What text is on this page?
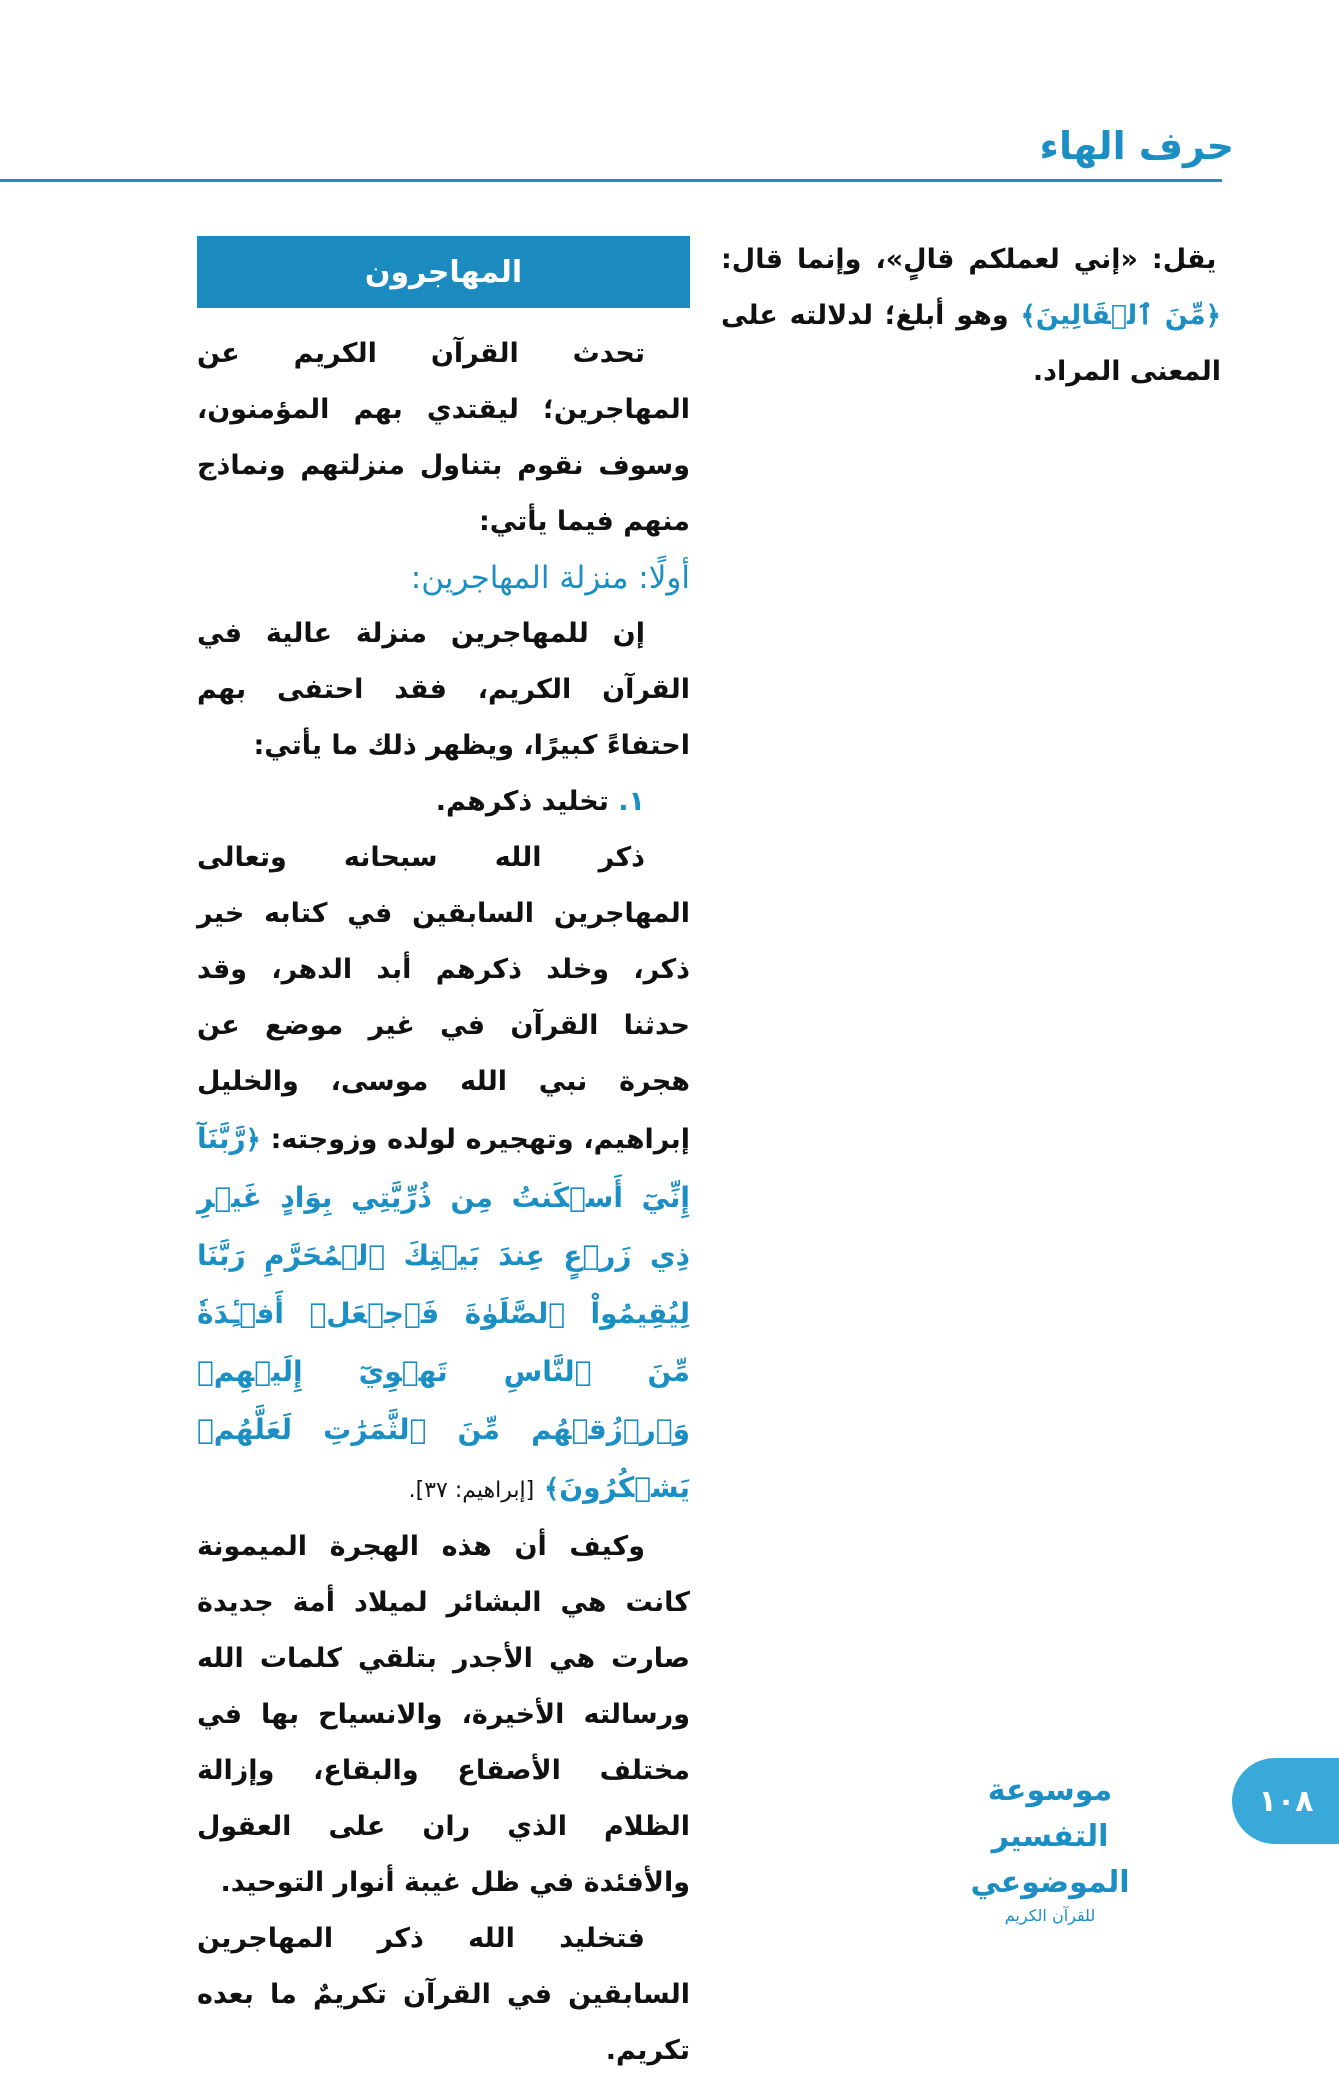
حرف الهاء

يقل: «إني لعملكم قالٍ»، وإنما قال: ﴿مِّنَ ٱلۡقَالِينَ﴾ وهو أبلغ؛ لدلالته على المعنى المراد.

المهاجرون

تحدث القرآن الكريم عن المهاجرين؛ ليقتدي بهم المؤمنون، وسوف نقوم بتناول منزلتهم ونماذج منهم فيما يأتي:

أولًا: منزلة المهاجرين:

إن للمهاجرين منزلة عالية في القرآن الكريم، فقد احتفى بهم احتفاءً كبيرًا، ويظهر ذلك ما يأتي:

١. تخليد ذكرهم.

ذكر الله سبحانه وتعالى المهاجرين السابقين في كتابه خير ذكر، وخلد ذكرهم أبد الدهر، وقد حدثنا القرآن في غير موضع عن هجرة نبي الله موسى، والخليل إبراهيم، وتهجيره لولده وزوجته: ﴿رَّبَّنَآ إِنِّيٓ أَسۡكَنتُ مِن ذُرِّيَّتِي بِوَادٍ غَيۡرِ ذِي زَرۡعٍ عِندَ بَيۡتِكَ ٱلۡمُحَرَّمِ رَبَّنَا لِيُقِيمُواْ ٱلصَّلَوٰةَ فَٱجۡعَلۡ أَفۡـِٔدَةٗ مِّنَ ٱلنَّاسِ تَهۡوِيٓ إِلَيۡهِمۡ وَٱرۡزُقۡهُم مِّنَ ٱلثَّمَرَٰتِ لَعَلَّهُمۡ يَشۡكُرُونَ﴾ [إبراهيم: ٣٧].

وكيف أن هذه الهجرة الميمونة كانت هي البشائر لميلاد أمة جديدة صارت هي الأجدر بتلقي كلمات الله ورسالته الأخيرة، والانسياح بها في مختلف الأصقاع والبقاع، وإزالة الظلام الذي ران على العقول والأفئدة في ظل غيبة أنوار التوحيد.

فتخليد الله ذكر المهاجرين السابقين في القرآن تكريمٌ ما بعده تكريم.

موسوعة التفسير الموضوعي
للقرآن الكريم
١٠٨
